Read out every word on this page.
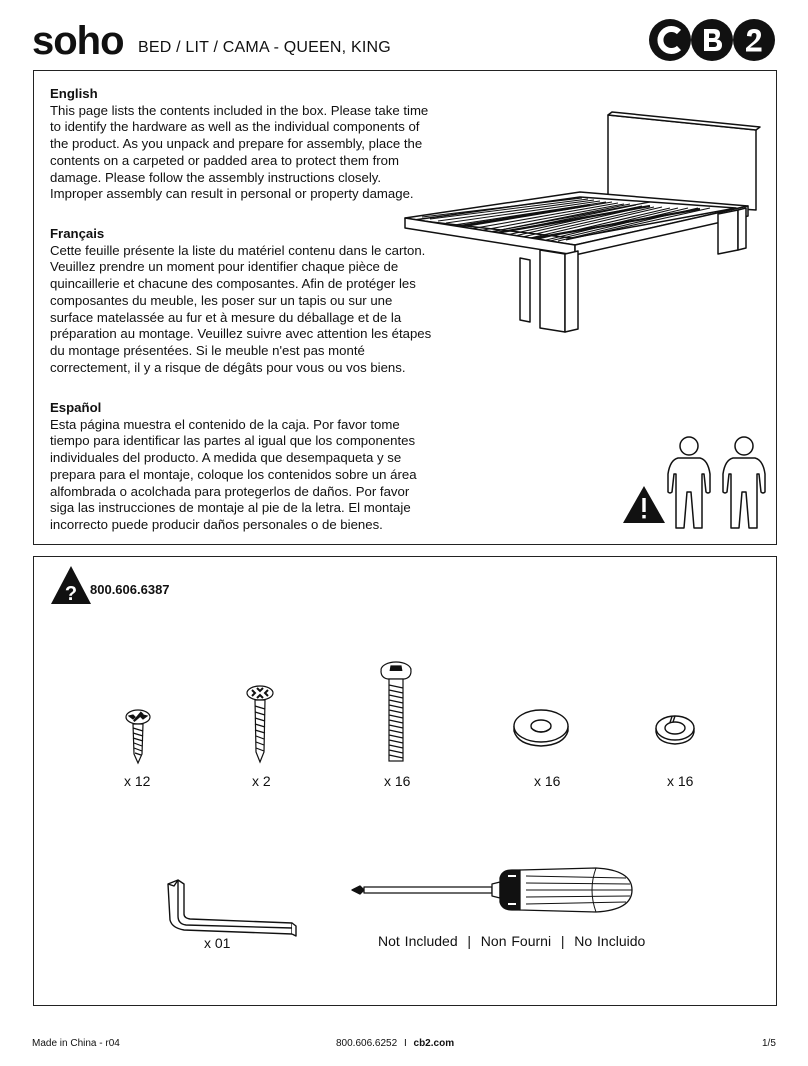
soho BED / LIT / CAMA - QUEEN, KING
English

This page lists the contents included in the box. Please take time to identify the hardware as well as the individual components of the product. As you unpack and prepare for assembly, place the contents on a carpeted or padded area to protect them from damage. Please follow the assembly instructions closely. Improper assembly can result in personal or property damage.

Français

Cette feuille présente la liste du matériel contenu dans le carton. Veuillez prendre un moment pour identifier chaque pièce de quincaillerie et chacune des composantes. Afin de protéger les composantes du meuble, les poser sur un tapis ou sur une surface matelassée au fur et à mesure du déballage et de la préparation au montage. Veuillez suivre avec attention les étapes du montage présentées. Si le meuble n'est pas monté correctement, il y a risque de dégâts pour vous ou vos biens.

Español

Esta página muestra el contenido de la caja. Por favor tome tiempo para identificar las partes al igual que los componentes individuales del producto. A medida que desempaqueta y se prepara para el montaje, coloque los contenidos sobre un área alfombrada o acolchada para protegerlos de daños. Por favor siga las instrucciones de montaje al pie de la letra. El montaje incorrecto puede producir daños personales o de bienes.

? 800.606.6387
x 12	x 2	x 16	x 16	x 16
x 01	Not Included  |  Non Fourni  |  No Incluido
Made in China - r04	800.606.6252 I cb2.com	1/5
